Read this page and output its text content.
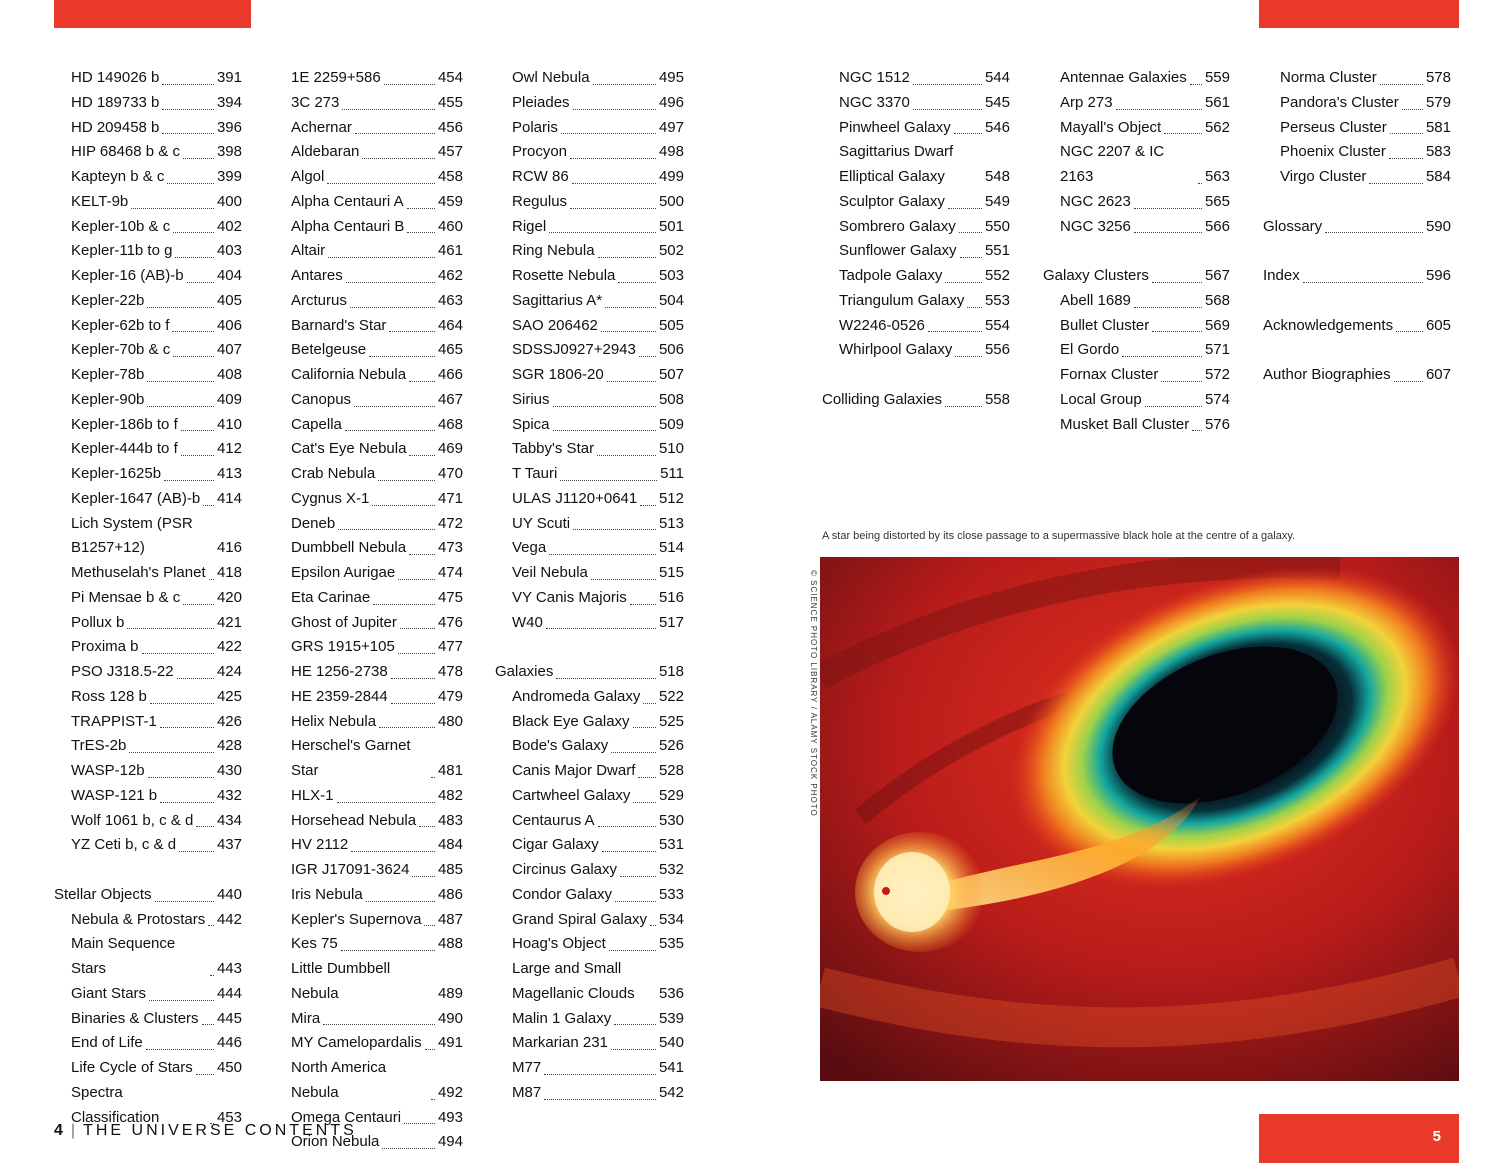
HD 149026 b	391
HD 189733 b	394
HD 209458 b	396
HIP 68468 b & c 398
Kapteyn b & c	399
KELT-9b	400
Kepler-10b & c	402
Kepler-11b to g	403
Kepler-16 (AB)-b 404
Kepler-22b	405
Kepler-62b to f	406
Kepler-70b & c	407
Kepler-78b	408
Kepler-90b	409
Kepler-186b to f	410
Kepler-444b to f	412
Kepler-1625b	413
Kepler-1647 (AB)-b 414
Lich System (PSR B1257+12)	416
Methuselah's Planet 418
Pi Mensae b & c 420
Pollux b	421
Proxima b	422
PSO J318.5-22	424
Ross 128 b	425
TRAPPIST-1	426
TrES-2b	428
WASP-12b	430
WASP-121 b	432
Wolf 1061 b, c & d 434
YZ Ceti b, c & d	437
Stellar Objects	440
Nebula & Protostars 442
Main Sequence Stars	443
Giant Stars	444
Binaries & Clusters 445
End of Life	446
Life Cycle of Stars 450
Spectra Classification	453
1E 2259+586	454
3C 273	455
Achernar	456
Aldebaran	457
Algol	458
Alpha Centauri A 459
Alpha Centauri B 460
Altair	461
Antares	462
Arcturus	463
Barnard's Star	464
Betelgeuse	465
California Nebula 466
Canopus	467
Capella	468
Cat's Eye Nebula 469
Crab Nebula	470
Cygnus X-1	471
Deneb	472
Dumbbell Nebula 473
Epsilon Aurigae	474
Eta Carinae	475
Ghost of Jupiter	476
GRS 1915+105	477
HE 1256-2738	478
HE 2359-2844	479
Helix Nebula	480
Herschel's Garnet Star	481
HLX-1	482
Horsehead Nebula 483
HV 2112	484
IGR J17091-3624 485
Iris Nebula	486
Kepler's Supernova 487
Kes 75	488
Little Dumbbell Nebula	489
Mira	490
MY Camelopardalis 491
North America Nebula	492
Omega Centauri 493
Orion Nebula	494
Owl Nebula	495
Pleiades	496
Polaris	497
Procyon	498
RCW 86	499
Regulus	500
Rigel	501
Ring Nebula	502
Rosette Nebula	503
Sagittarius A*	504
SAO 206462	505
SDSSJ0927+2943 506
SGR 1806-20	507
Sirius	508
Spica	509
Tabby's Star	510
T Tauri	511
ULAS J1120+0641 512
UY Scuti	513
Vega	514
Veil Nebula	515
VY Canis Majoris 516
W40	517
Galaxies	518
Andromeda Galaxy 522
Black Eye Galaxy 525
Bode's Galaxy	526
Canis Major Dwarf 528
Cartwheel Galaxy 529
Centaurus A	530
Cigar Galaxy	531
Circinus Galaxy	532
Condor Galaxy	533
Grand Spiral Galaxy 534
Hoag's Object	535
Large and Small Magellanic Clouds	536
Malin 1 Galaxy	539
Markarian 231	540
M77	541
M87	542
NGC 1512	544
NGC 3370	545
Pinwheel Galaxy 546
Sagittarius Dwarf Elliptical Galaxy	548
Sculptor Galaxy	549
Sombrero Galaxy 550
Sunflower Galaxy 551
Tadpole Galaxy	552
Triangulum Galaxy 553
W2246-0526	554
Whirlpool Galaxy 556
Colliding Galaxies	558
Antennae Galaxies 559
Arp 273	561
Mayall's Object	562
NGC 2207 & IC 2163	563
NGC 2623	565
NGC 3256	566
Galaxy Clusters	567
Abell 1689	568
Bullet Cluster	569
El Gordo	571
Fornax Cluster	572
Local Group	574
Musket Ball Cluster 576
Norma Cluster	578
Pandora's Cluster 579
Perseus Cluster	581
Phoenix Cluster	583
Virgo Cluster	584
Glossary	590
Index	596
Acknowledgements 605
Author Biographies 607
A star being distorted by its close passage to a supermassive black hole at the centre of a galaxy.
© SCIENCE PHOTO LIBRARY / ALAMY STOCK PHOTO
4 | THE UNIVERSE CONTENTS	5
